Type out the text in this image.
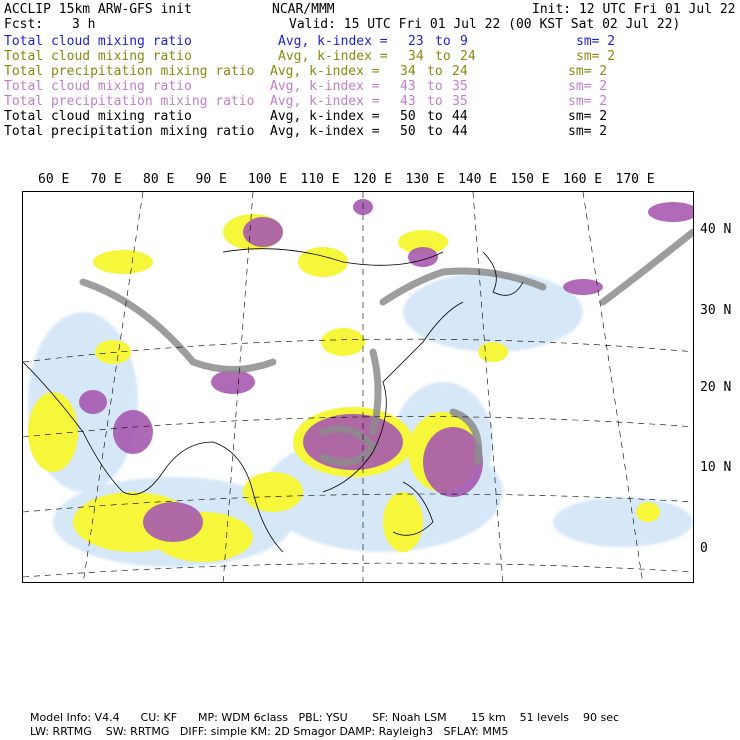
ACCLIP 15km ARW-GFS init	NCAR/MMM	Init: 12 UTC Fri 01 Jul 22
Fcst: 3 h	Valid: 15 UTC Fri 01 Jul 22 (00 KST Sat 02 Jul 22)
Total cloud mixing ratio	Avg, k-index = 23 to 9	sm= 2
Total cloud mixing ratio	Avg, k-index = 34 to 24	sm= 2
Total precipitation mixing ratio Avg, k-index = 34 to 24	sm= 2
Total cloud mixing ratio	Avg, k-index = 43 to 35	sm= 2
Total precipitation mixing ratio Avg, k-index = 43 to 35	sm= 2
Total cloud mixing ratio	Avg, k-index = 50 to 44	sm= 2
Total precipitation mixing ratio Avg, k-index = 50 to 44	sm= 2
60 E 70 E 80 E 90 E 100 E 110 E 120 E 130 E 140 E 150 E 160 E 170 E
40 N
30 N
20 N
10 N
0
Model Info: V4.4      CU: KF      MP: WDM 6class   PBL: YSU       SF: Noah LSM       15 km    51 levels    90 sec
LW: RRTMG    SW: RRTMG   DIFF: simple KM: 2D Smagor DAMP: Rayleigh3   SFLAY: MM5
